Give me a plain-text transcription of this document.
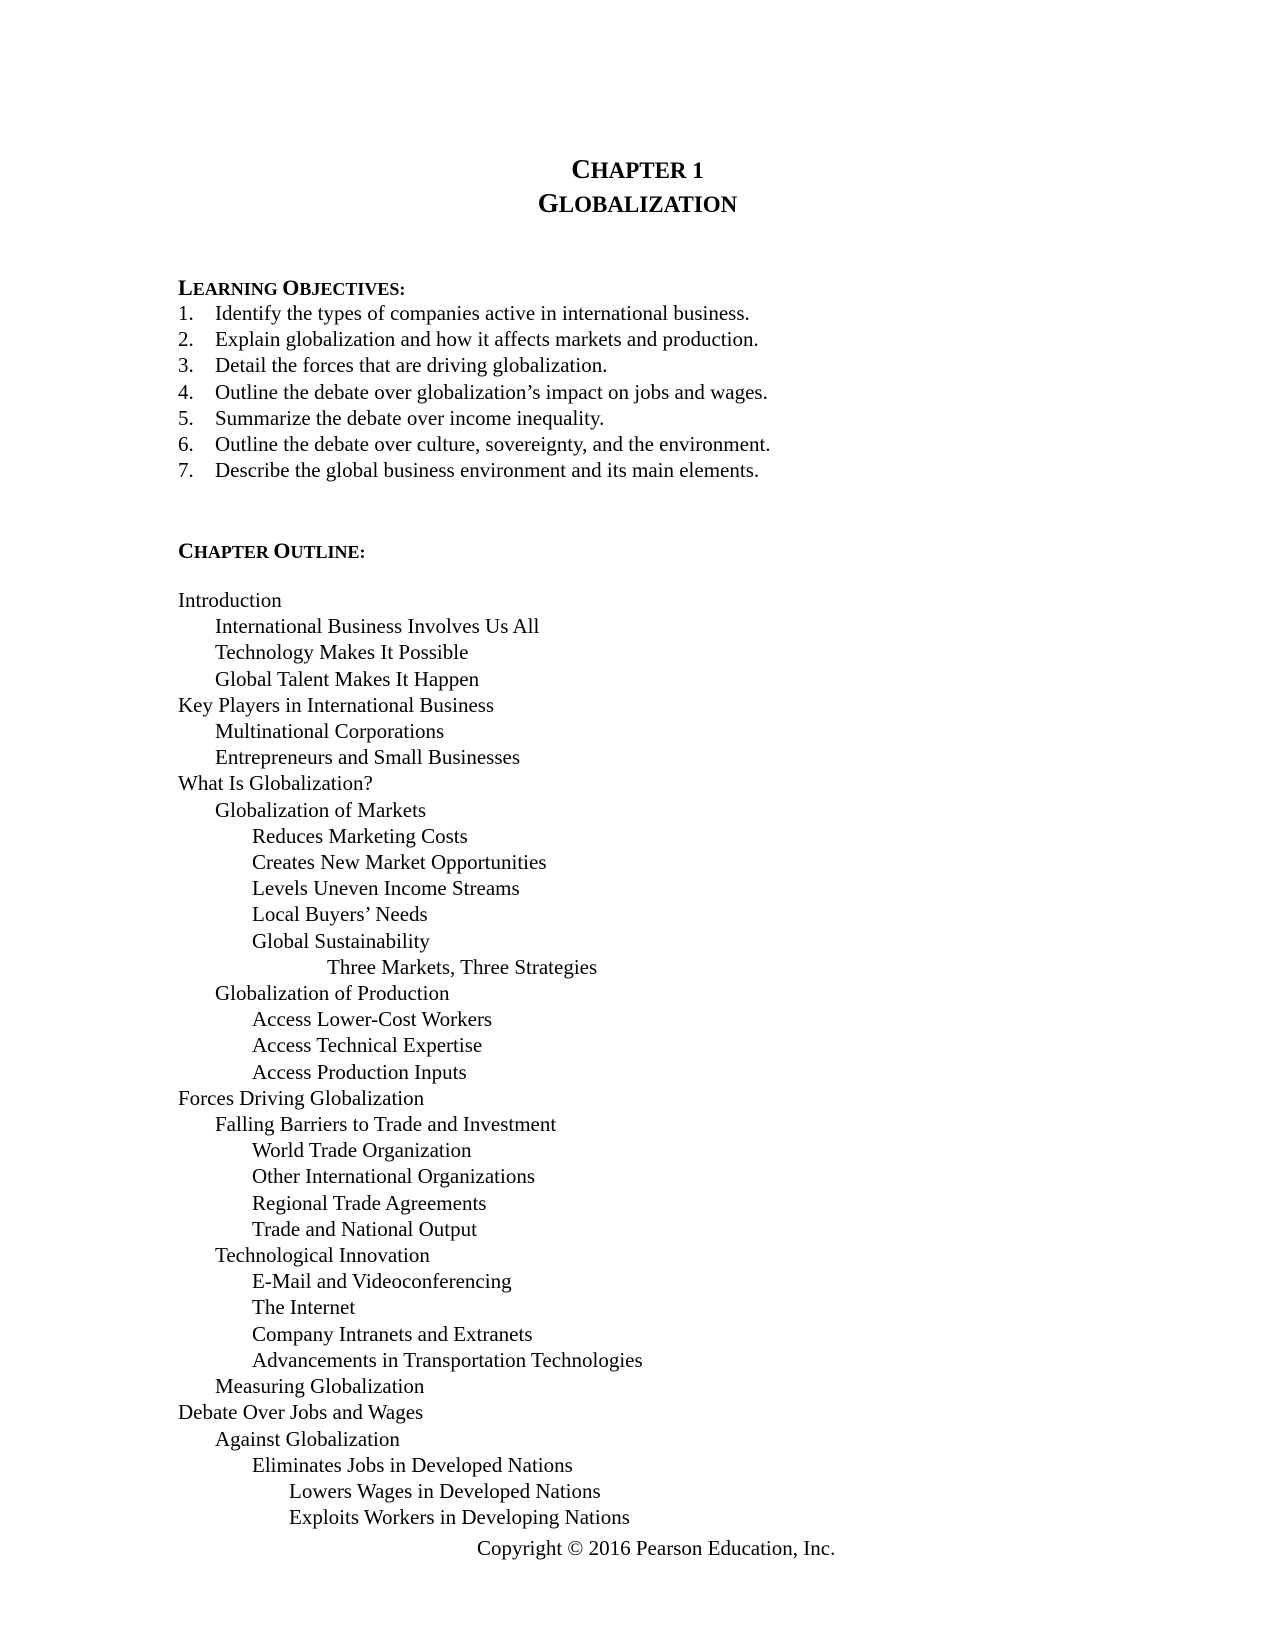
CHAPTER 1
GLOBALIZATION
LEARNING OBJECTIVES:
1. Identify the types of companies active in international business.
2. Explain globalization and how it affects markets and production.
3. Detail the forces that are driving globalization.
4. Outline the debate over globalization’s impact on jobs and wages.
5. Summarize the debate over income inequality.
6. Outline the debate over culture, sovereignty, and the environment.
7. Describe the global business environment and its main elements.
CHAPTER OUTLINE:
Introduction
International Business Involves Us All
Technology Makes It Possible
Global Talent Makes It Happen
Key Players in International Business
Multinational Corporations
Entrepreneurs and Small Businesses
What Is Globalization?
Globalization of Markets
Reduces Marketing Costs
Creates New Market Opportunities
Levels Uneven Income Streams
Local Buyers’ Needs
Global Sustainability
Three Markets, Three Strategies
Globalization of Production
Access Lower-Cost Workers
Access Technical Expertise
Access Production Inputs
Forces Driving Globalization
Falling Barriers to Trade and Investment
World Trade Organization
Other International Organizations
Regional Trade Agreements
Trade and National Output
Technological Innovation
E-Mail and Videoconferencing
The Internet
Company Intranets and Extranets
Advancements in Transportation Technologies
Measuring Globalization
Debate Over Jobs and Wages
Against Globalization
Eliminates Jobs in Developed Nations
Lowers Wages in Developed Nations
Exploits Workers in Developing Nations
Copyright © 2016 Pearson Education, Inc.
